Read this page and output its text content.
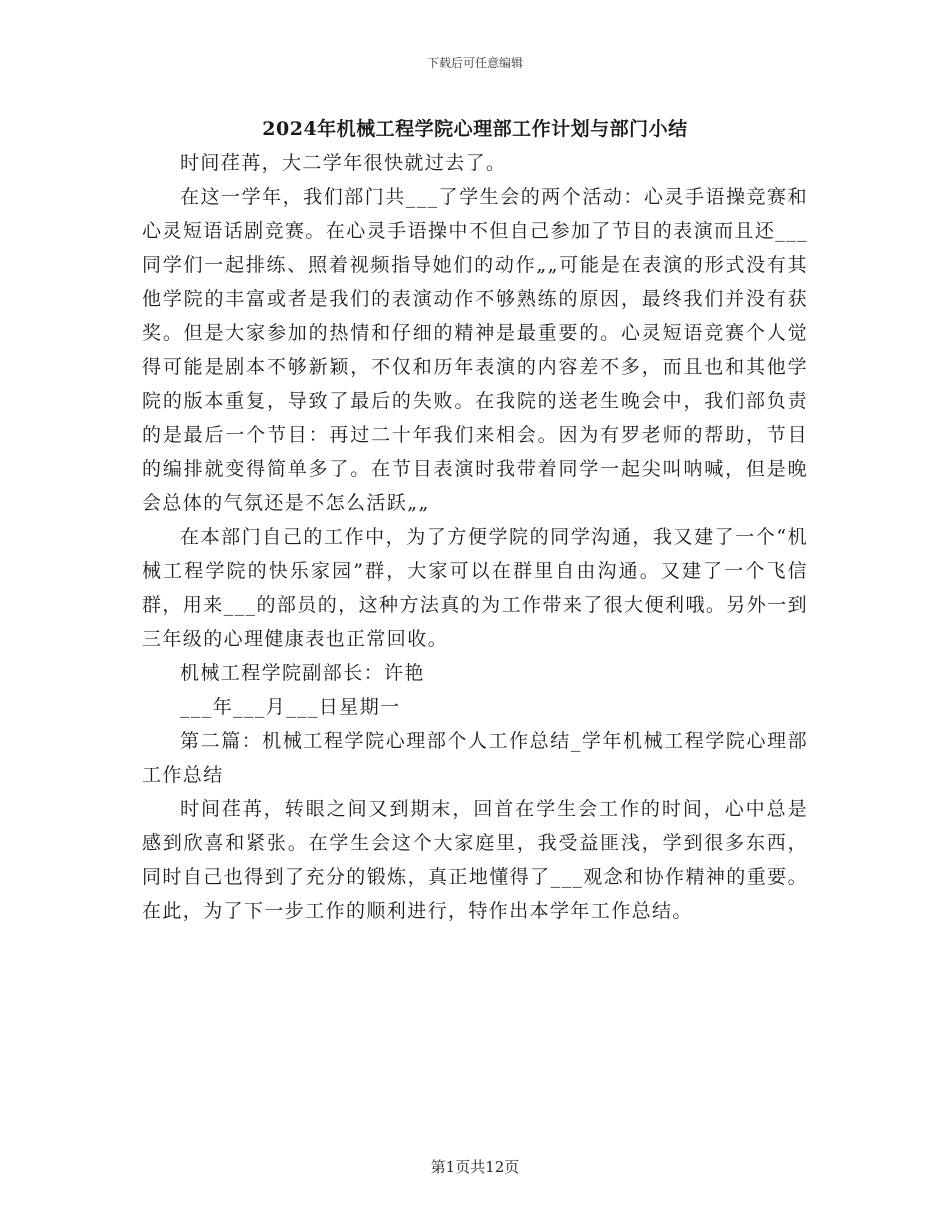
下载后可任意编辑
2024年机械工程学院心理部工作计划与部门小结

时间荏苒，大二学年很快就过去了。

在这一学年，我们部门共___了学生会的两个活动：心灵手语操竞赛和心灵短语话剧竞赛。在心灵手语操中不但自己参加了节目的表演而且还___同学们一起排练、照着视频指导她们的动作„„可能是在表演的形式没有其他学院的丰富或者是我们的表演动作不够熟练的原因，最终我们并没有获奖。但是大家参加的热情和仔细的精神是最重要的。心灵短语竞赛个人觉得可能是剧本不够新颖，不仅和历年表演的内容差不多，而且也和其他学院的版本重复，导致了最后的失败。在我院的送老生晚会中，我们部负责的是最后一个节目：再过二十年我们来相会。因为有罗老师的帮助，节目的编排就变得简单多了。在节目表演时我带着同学一起尖叫呐喊，但是晚会总体的气氛还是不怎么活跃„„

在本部门自己的工作中，为了方便学院的同学沟通，我又建了一个“机械工程学院的快乐家园”群，大家可以在群里自由沟通。又建了一个飞信群，用来___的部员的，这种方法真的为工作带来了很大便利哦。另外一到三年级的心理健康表也正常回收。

机械工程学院副部长：许艳

___年___月___日星期一

第二篇：机械工程学院心理部个人工作总结_学年机械工程学院心理部工作总结

时间荏苒，转眼之间又到期末，回首在学生会工作的时间，心中总是感到欣喜和紧张。在学生会这个大家庭里，我受益匪浅，学到很多东西，同时自己也得到了充分的锻炼，真正地懂得了___观念和协作精神的重要。在此，为了下一步工作的顺利进行，特作出本学年工作总结。

第1页共12页
